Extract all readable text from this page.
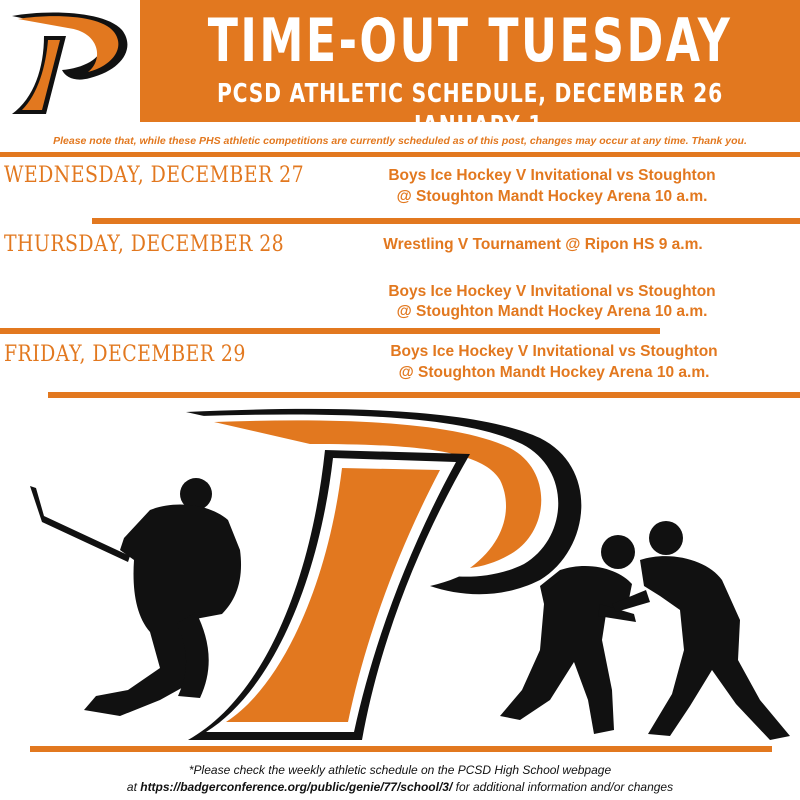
TIME-OUT TUESDAY
PCSD ATHLETIC SCHEDULE, DECEMBER 26 - JANUARY 1
Please note that, while these PHS athletic competitions are currently scheduled as of this post, changes may occur at any time. Thank you.
WEDNESDAY, DECEMBER 27	Boys Ice Hockey V Invitational vs Stoughton
@ Stoughton Mandt Hockey Arena 10 a.m.
THURSDAY, DECEMBER 28	Wrestling V Tournament @ Ripon HS 9 a.m.
Boys Ice Hockey V Invitational vs Stoughton
@ Stoughton Mandt Hockey Arena 10 a.m.
FRIDAY, DECEMBER 29	Boys Ice Hockey V Invitational vs Stoughton
@ Stoughton Mandt Hockey Arena 10 a.m.
*Please check the weekly athletic schedule on the PCSD High School webpage
at https://badgerconference.org/public/genie/77/school/3/ for additional information and/or changes
